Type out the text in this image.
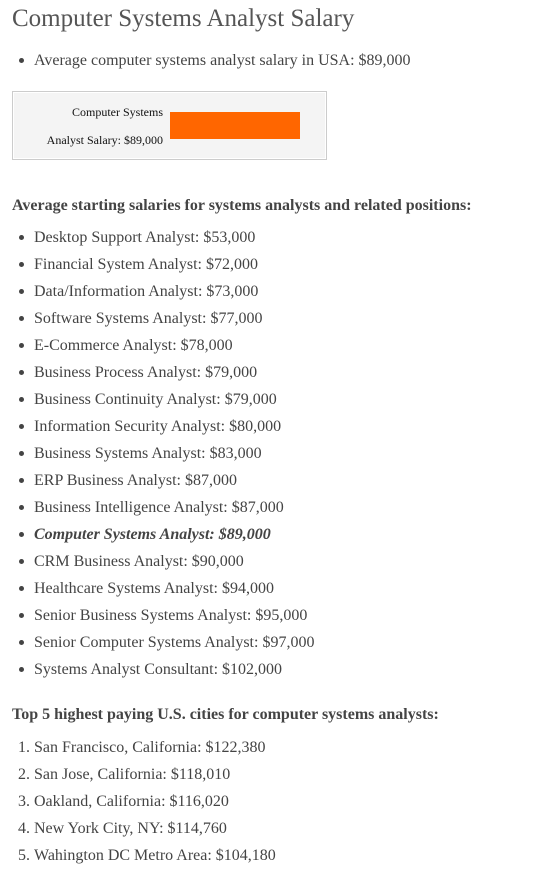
Computer Systems Analyst Salary
Average computer systems analyst salary in USA: $89,000
Computer Systems
Analyst Salary: $89,000
Average starting salaries for systems analysts and related positions:
Desktop Support Analyst: $53,000
Financial System Analyst: $72,000
Data/Information Analyst: $73,000
Software Systems Analyst: $77,000
E-Commerce Analyst: $78,000
Business Process Analyst: $79,000
Business Continuity Analyst: $79,000
Information Security Analyst: $80,000
Business Systems Analyst: $83,000
ERP Business Analyst: $87,000
Business Intelligence Analyst: $87,000
Computer Systems Analyst: $89,000
CRM Business Analyst: $90,000
Healthcare Systems Analyst: $94,000
Senior Business Systems Analyst: $95,000
Senior Computer Systems Analyst: $97,000
Systems Analyst Consultant: $102,000
Top 5 highest paying U.S. cities for computer systems analysts:
1. San Francisco, California: $122,380
2. San Jose, California: $118,010
3. Oakland, California: $116,020
4. New York City, NY: $114,760
5. Wahington DC Metro Area: $104,180
